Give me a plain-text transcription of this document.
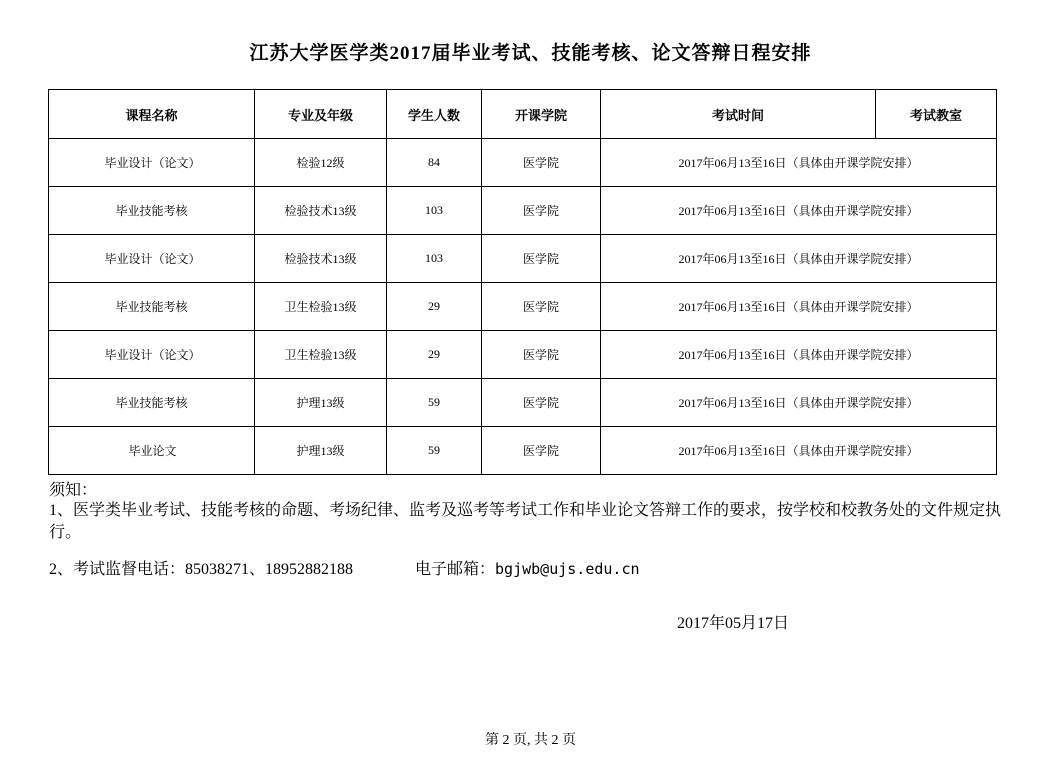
江苏大学医学类2017届毕业考试、技能考核、论文答辩日程安排
课程名称	专业及年级	学生人数	开课学院	考试时间	考试教室
毕业设计（论文）	检验12级	84	医学院	2017年06月13至16日（具体由开课学院安排）	
毕业技能考核	检验技术13级	103	医学院	2017年06月13至16日（具体由开课学院安排）	
毕业设计（论文）	检验技术13级	103	医学院	2017年06月13至16日（具体由开课学院安排）	
毕业技能考核	卫生检验13级	29	医学院	2017年06月13至16日（具体由开课学院安排）	
毕业设计（论文）	卫生检验13级	29	医学院	2017年06月13至16日（具体由开课学院安排）	
毕业技能考核	护理13级	59	医学院	2017年06月13至16日（具体由开课学院安排）	
毕业论文	护理13级	59	医学院	2017年06月13至16日（具体由开课学院安排）	
须知：
1、医学类毕业考试、技能考核的命题、考场纪律、监考及巡考等考试工作和毕业论文答辩工作的要求，按学校和校教务处的文件规定执行。
2、考试监督电话：85038271、18952882188	电子邮箱：bgjwb@ujs.edu.cn
2017年05月17日
第 2 页, 共 2 页
